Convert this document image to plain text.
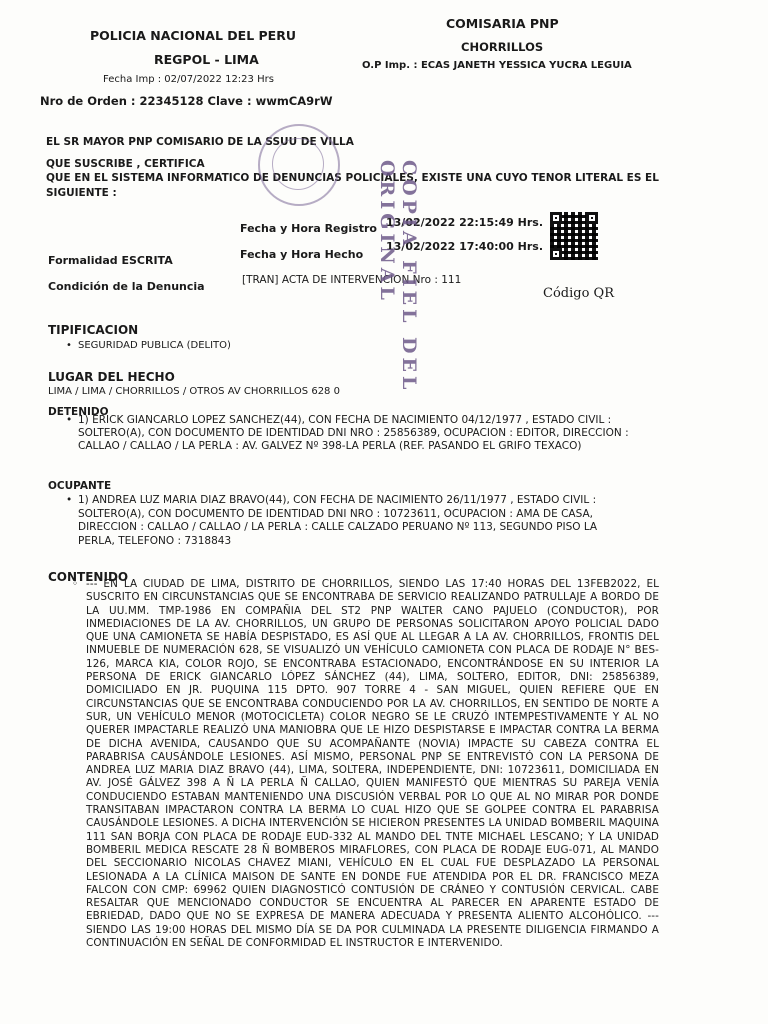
POLICIA NACIONAL DEL PERU
REGPOL - LIMA
Fecha Imp : 02/07/2022 12:23 Hrs
Nro de Orden : 22345128 Clave : wwmCA9rW
COMISARIA PNP
CHORRILLOS
O.P Imp. : ECAS JANETH YESSICA YUCRA LEGUIA
EL SR MAYOR PNP COMISARIO DE LA SSUU DE VILLA
QUE SUSCRIBE , CERTIFICA
QUE EN EL SISTEMA INFORMATICO DE DENUNCIAS POLICIALES, EXISTE UNA CUYO TENOR LITERAL ES EL
SIGUIENTE :
Fecha y Hora Registro 13/02/2022 22:15:49 Hrs.
Fecha y Hora Hecho
13/02/2022 17:40:00 Hrs.
Formalidad ESCRITA
Condición de la Denuncia	[TRAN] ACTA DE INTERVENCION Nro : 111
Código QR
COPIA FIEL DEL ORIGINAL
TIPIFICACION
• SEGURIDAD PUBLICA (DELITO)
LUGAR DEL HECHO
LIMA / LIMA / CHORRILLOS / OTROS AV CHORRILLOS 628 0
DETENIDO
• 1) ERICK GIANCARLO LOPEZ SANCHEZ(44), CON FECHA DE NACIMIENTO 04/12/1977 , ESTADO CIVIL : SOLTERO(A), CON DOCUMENTO DE IDENTIDAD DNI NRO : 25856389, OCUPACION : EDITOR, DIRECCION : CALLAO / CALLAO / LA PERLA : AV. GALVEZ Nº 398-LA PERLA (REF. PASANDO EL GRIFO TEXACO)
OCUPANTE
• 1) ANDREA LUZ MARIA DIAZ BRAVO(44), CON FECHA DE NACIMIENTO 26/11/1977 , ESTADO CIVIL : SOLTERO(A), CON DOCUMENTO DE IDENTIDAD DNI NRO : 10723611, OCUPACION : AMA DE CASA, DIRECCION : CALLAO / CALLAO / LA PERLA : CALLE CALZADO PERUANO Nº 113, SEGUNDO PISO LA PERLA, TELEFONO : 7318843
CONTENIDO
◦ --- EN LA CIUDAD DE LIMA, DISTRITO DE CHORRILLOS, SIENDO LAS 17:40 HORAS DEL 13FEB2022, EL SUSCRITO EN CIRCUNSTANCIAS QUE SE ENCONTRABA DE SERVICIO REALIZANDO PATRULLAJE A BORDO DE LA UU.MM. TMP-1986 EN COMPAÑIA DEL ST2 PNP WALTER CANO PAJUELO (CONDUCTOR), POR INMEDIACIONES DE LA AV. CHORRILLOS, UN GRUPO DE PERSONAS SOLICITARON APOYO POLICIAL DADO QUE UNA CAMIONETA SE HABÍA DESPISTADO, ES ASÍ QUE AL LLEGAR A LA AV. CHORRILLOS, FRONTIS DEL INMUEBLE DE NUMERACIÓN 628, SE VISUALIZÓ UN VEHÍCULO CAMIONETA CON PLACA DE RODAJE N° BES-126, MARCA KIA, COLOR ROJO, SE ENCONTRABA ESTACIONADO, ENCONTRÁNDOSE EN SU INTERIOR LA PERSONA DE ERICK GIANCARLO LÓPEZ SÁNCHEZ (44), LIMA, SOLTERO, EDITOR, DNI: 25856389, DOMICILIADO EN JR. PUQUINA 115 DPTO. 907 TORRE 4 - SAN MIGUEL, QUIEN REFIERE QUE EN CIRCUNSTANCIAS QUE SE ENCONTRABA CONDUCIENDO POR LA AV. CHORRILLOS, EN SENTIDO DE NORTE A SUR, UN VEHÍCULO MENOR (MOTOCICLETA) COLOR NEGRO SE LE CRUZÓ INTEMPESTIVAMENTE Y AL NO QUERER IMPACTARLE REALIZÓ UNA MANIOBRA QUE LE HIZO DESPISTARSE E IMPACTAR CONTRA LA BERMA DE DICHA AVENIDA, CAUSANDO QUE SU ACOMPAÑANTE (NOVIA) IMPACTE SU CABEZA CONTRA EL PARABRISA CAUSÁNDOLE LESIONES. ASÍ MISMO, PERSONAL PNP SE ENTREVISTÓ CON LA PERSONA DE ANDREA LUZ MARIA DIAZ BRAVO (44), LIMA, SOLTERA, INDEPENDIENTE, DNI: 10723611, DOMICILIADA EN AV. JOSÉ GÁLVEZ 398 A Ñ LA PERLA Ñ CALLAO, QUIEN MANIFESTÓ QUE MIENTRAS SU PAREJA VENÍA CONDUCIENDO ESTABAN MANTENIENDO UNA DISCUSIÓN VERBAL POR LO QUE AL NO MIRAR POR DONDE TRANSITABAN IMPACTARON CONTRA LA BERMA LO CUAL HIZO QUE SE GOLPEE CONTRA EL PARABRISA CAUSÁNDOLE LESIONES. A DICHA INTERVENCIÓN SE HICIERON PRESENTES LA UNIDAD BOMBERIL MAQUINA 111 SAN BORJA CON PLACA DE RODAJE EUD-332 AL MANDO DEL TNTE MICHAEL LESCANO; Y LA UNIDAD BOMBERIL MEDICA RESCATE 28 Ñ BOMBEROS MIRAFLORES, CON PLACA DE RODAJE EUG-071, AL MANDO DEL SECCIONARIO NICOLAS CHAVEZ MIANI, VEHÍCULO EN EL CUAL FUE DESPLAZADO LA PERSONAL LESIONADA A LA CLÍNICA MAISON DE SANTE EN DONDE FUE ATENDIDA POR EL DR. FRANCISCO MEZA FALCON CON CMP: 69962 QUIEN DIAGNOSTICÓ CONTUSIÓN DE CRÁNEO Y CONTUSIÓN CERVICAL. CABE RESALTAR QUE MENCIONADO CONDUCTOR SE ENCUENTRA AL PARECER EN APARENTE ESTADO DE EBRIEDAD, DADO QUE NO SE EXPRESA DE MANERA ADECUADA Y PRESENTA ALIENTO ALCOHÓLICO. --- SIENDO LAS 19:00 HORAS DEL MISMO DÍA SE DA POR CULMINADA LA PRESENTE DILIGENCIA FIRMANDO A CONTINUACIÓN EN SEÑAL DE CONFORMIDAD EL INSTRUCTOR E INTERVENIDO.
